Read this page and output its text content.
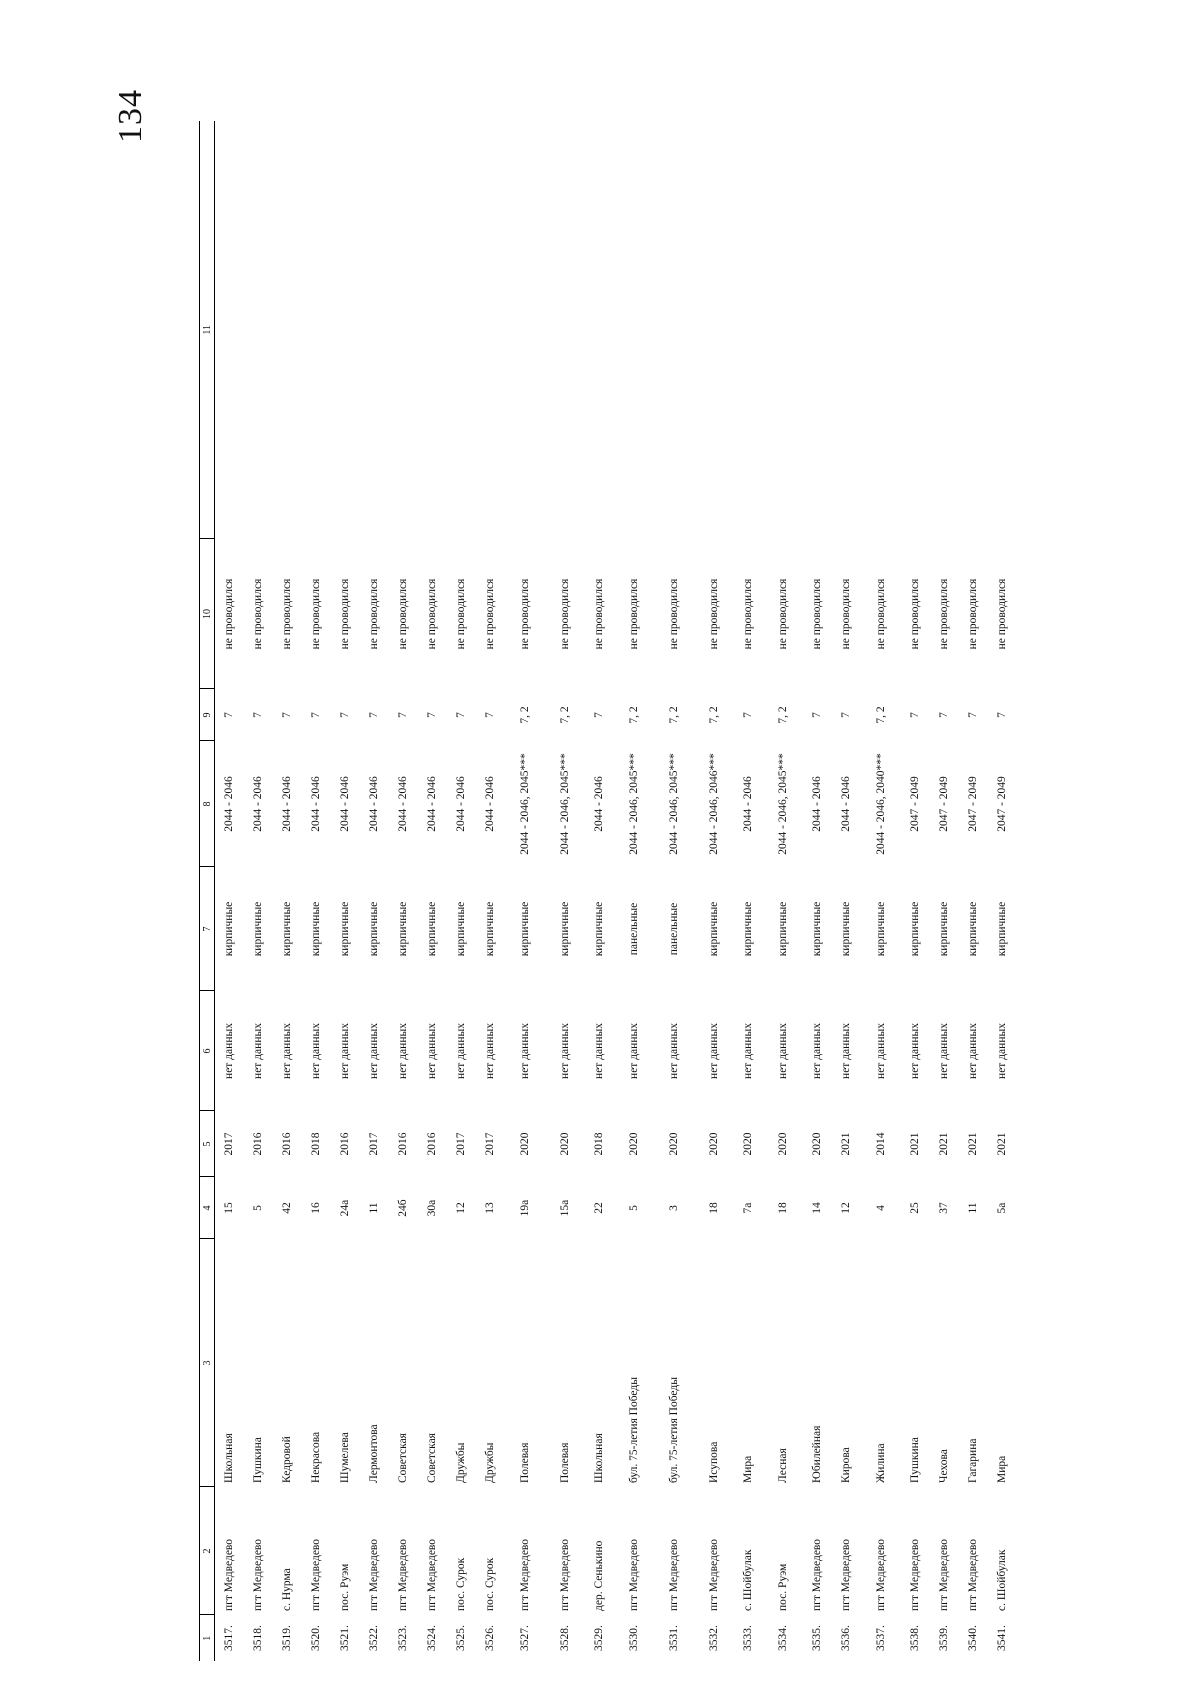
134
1	2	3	4	5	6	7	8	9	10	11
3517.	пгт Медведево	Школьная	15	2017	нет данных	кирпичные	2044 - 2046	7	не проводился	
3518.	пгт Медведево	Пушкина	5	2016	нет данных	кирпичные	2044 - 2046	7	не проводился	
3519.	с. Нурма	Кедровой	42	2016	нет данных	кирпичные	2044 - 2046	7	не проводился	
3520.	пгт Медведево	Некрасова	16	2018	нет данных	кирпичные	2044 - 2046	7	не проводился	
3521.	пос. Руэм	Шумелева	24а	2016	нет данных	кирпичные	2044 - 2046	7	не проводился	
3522.	пгт Медведево	Лермонтова	11	2017	нет данных	кирпичные	2044 - 2046	7	не проводился	
3523.	пгт Медведево	Советская	24б	2016	нет данных	кирпичные	2044 - 2046	7	не проводился	
3524.	пгт Медведево	Советская	30а	2016	нет данных	кирпичные	2044 - 2046	7	не проводился	
3525.	пос. Сурок	Дружбы	12	2017	нет данных	кирпичные	2044 - 2046	7	не проводился	
3526.	пос. Сурок	Дружбы	13	2017	нет данных	кирпичные	2044 - 2046	7	не проводился	
3527.	пгт Медведево	Полевая	19а	2020	нет данных	кирпичные	2044 - 2046, 2045***	7, 2	не проводился	
3528.	пгт Медведево	Полевая	15а	2020	нет данных	кирпичные	2044 - 2046, 2045***	7, 2	не проводился	
3529.	дер. Сенькино	Школьная	22	2018	нет данных	кирпичные	2044 - 2046	7	не проводился	
3530.	пгт Медведево	бул. 75-летия Победы	5	2020	нет данных	панельные	2044 - 2046, 2045***	7, 2	не проводился	
3531.	пгт Медведево	бул. 75-летия Победы	3	2020	нет данных	панельные	2044 - 2046, 2045***	7, 2	не проводился	
3532.	пгт Медведево	Исупова	18	2020	нет данных	кирпичные	2044 - 2046, 2046***	7, 2	не проводился	
3533.	с. Шойбулак	Мира	7а	2020	нет данных	кирпичные	2044 - 2046	7	не проводился	
3534.	пос. Руэм	Лесная	18	2020	нет данных	кирпичные	2044 - 2046, 2045***	7, 2	не проводился	
3535.	пгт Медведево	Юбилейная	14	2020	нет данных	кирпичные	2044 - 2046	7	не проводился	
3536.	пгт Медведево	Кирова	12	2021	нет данных	кирпичные	2044 - 2046	7	не проводился	
3537.	пгт Медведево	Жилина	4	2014	нет данных	кирпичные	2044 - 2046, 2040***	7, 2	не проводился	
3538.	пгт Медведево	Пушкина	25	2021	нет данных	кирпичные	2047 - 2049	7	не проводился	
3539.	пгт Медведево	Чехова	37	2021	нет данных	кирпичные	2047 - 2049	7	не проводился	
3540.	пгт Медведево	Гагарина	11	2021	нет данных	кирпичные	2047 - 2049	7	не проводился	
3541.	с. Шойбулак	Мира	5а	2021	нет данных	кирпичные	2047 - 2049	7	не проводился	
